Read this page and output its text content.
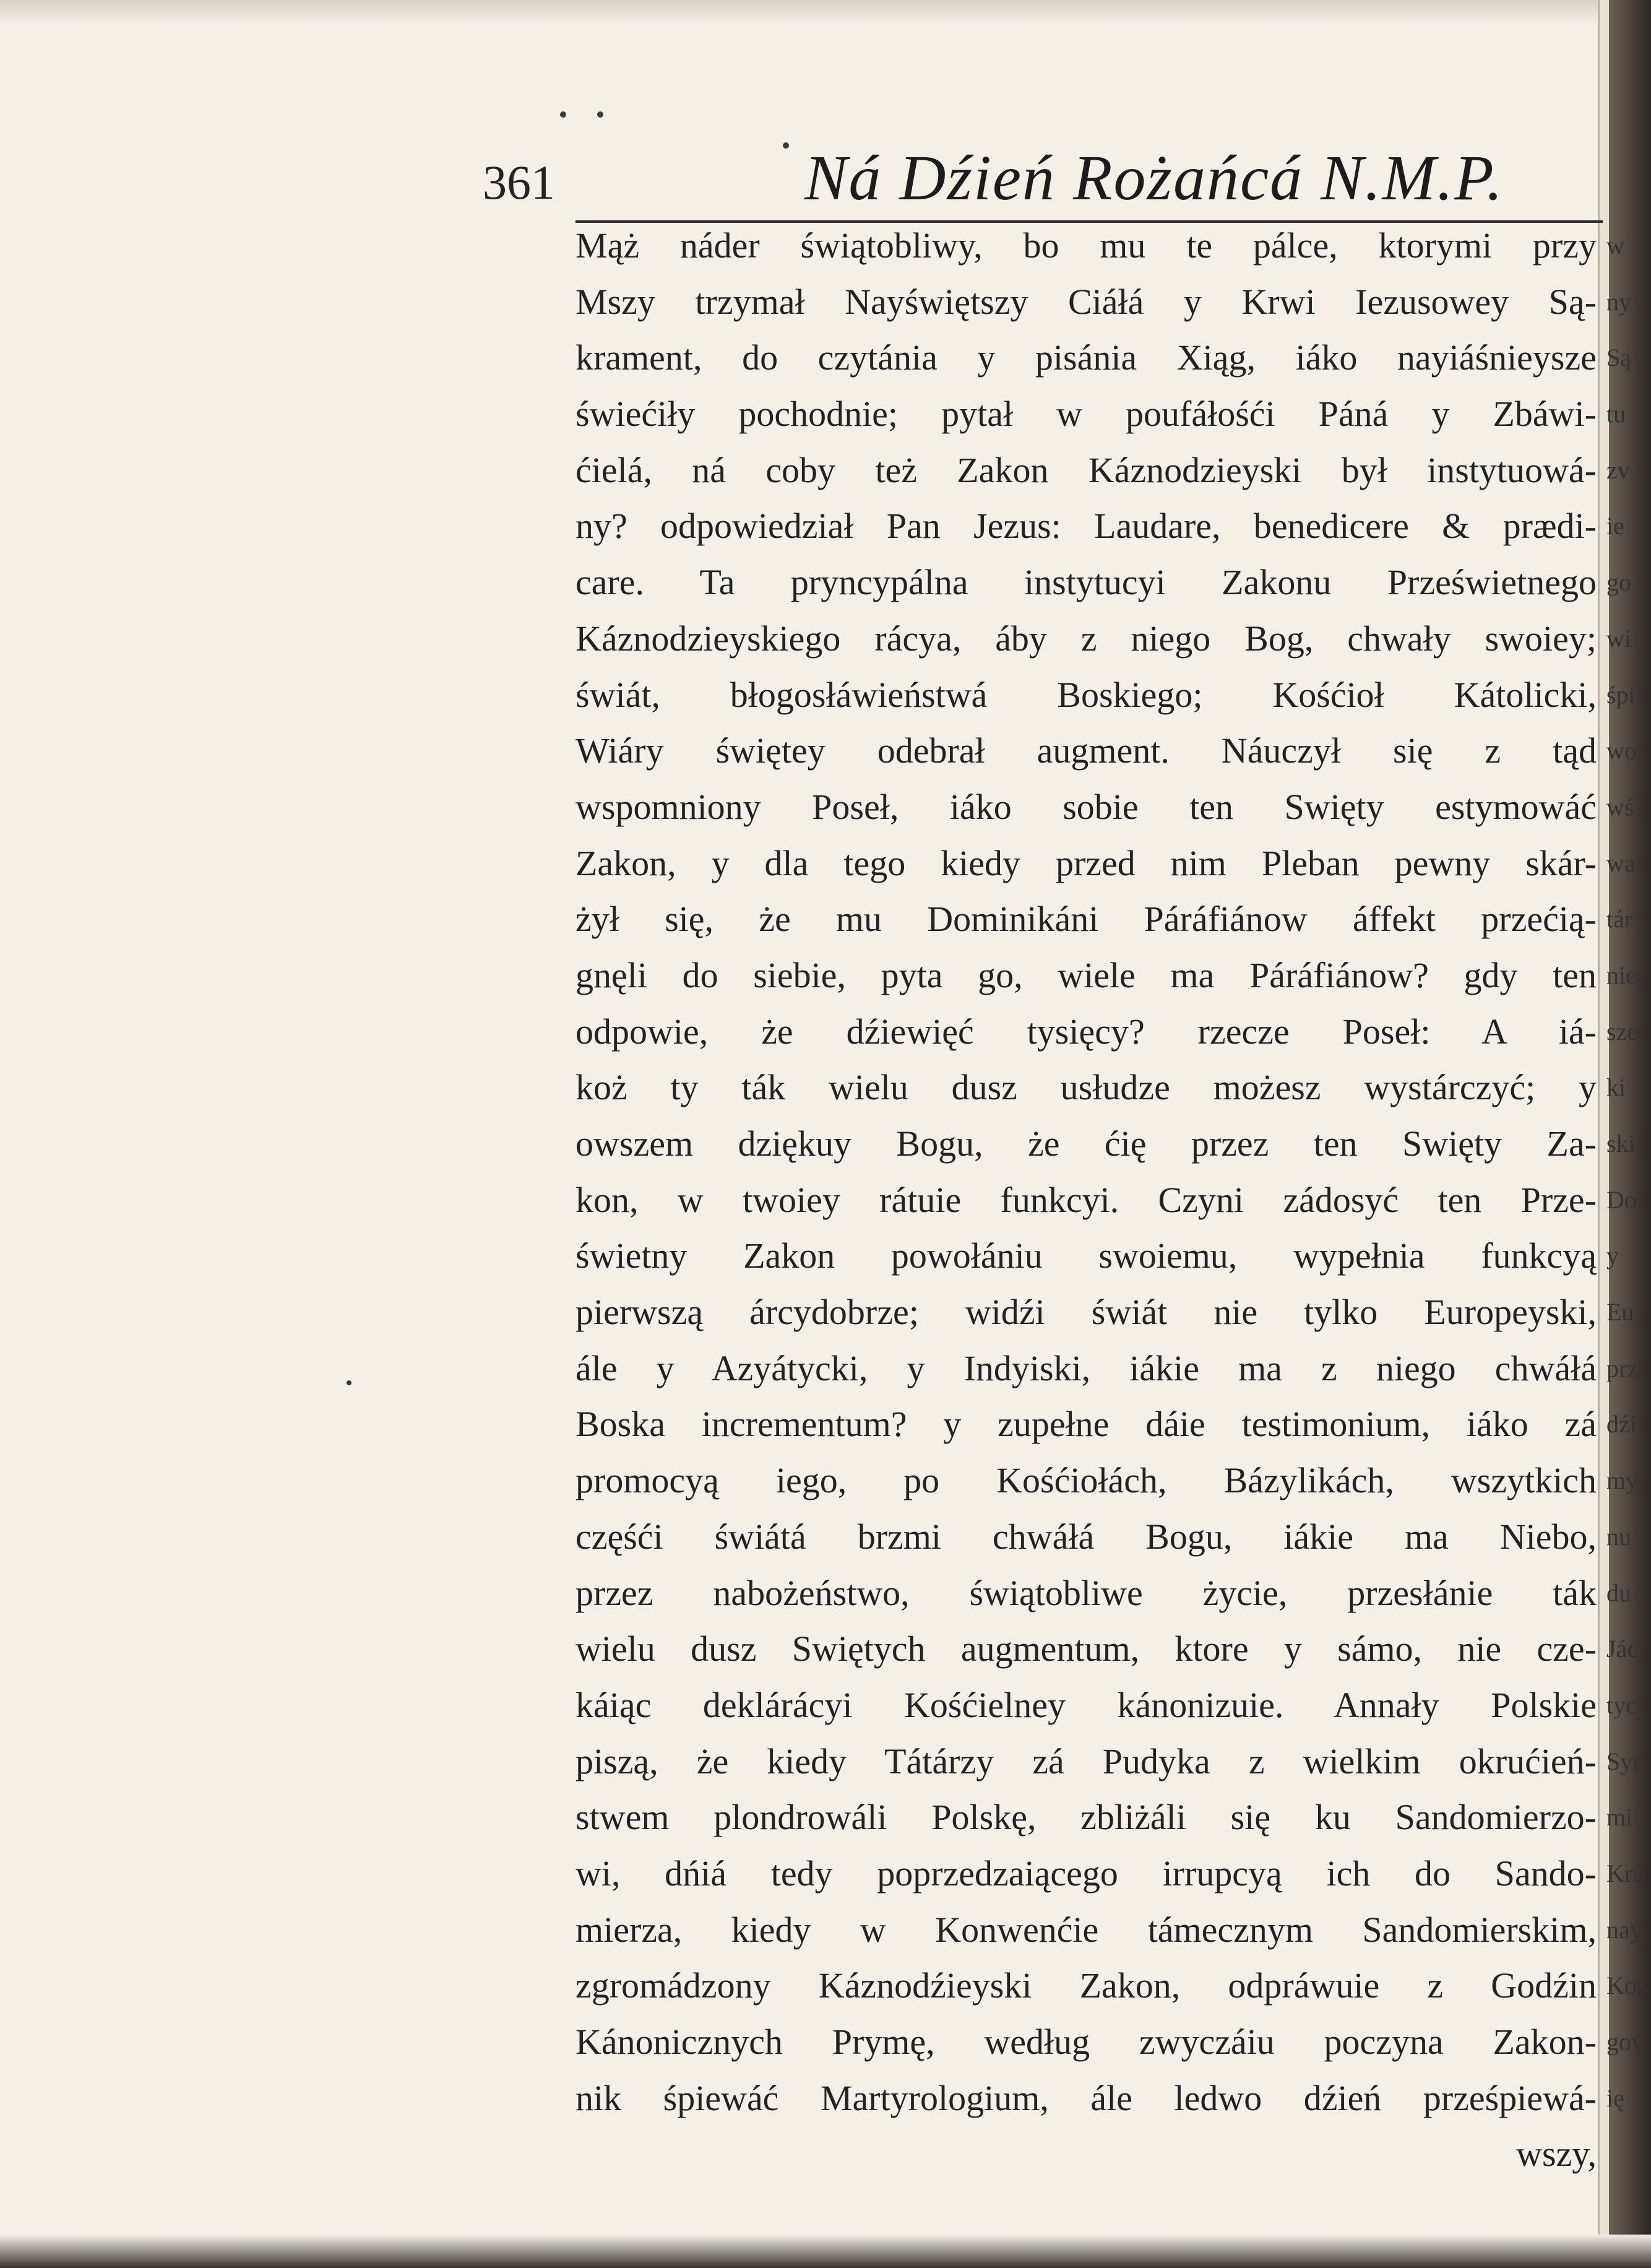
361	Ná Dźień Rożańcá N.M.P.
Mąż náder świątobliwy, bo mu te pálce, ktorymi przy
Mszy trzymał Nayświętszy Ciáłá y Krwi Iezusowey Są-
krament, do czytánia y pisánia Xiąg, iáko nayiáśnieysze
świećiły pochodnie; pytał w poufáłośći Páná y Zbáwi-
ćielá, ná coby też Zakon Káznodzieyski był instytuowá-
ny? odpowiedział Pan Jezus: Laudare, benedicere & prædi-
care. Ta pryncypálna instytucyi Zakonu Prześwietnego
Káznodzieyskiego rácya, áby z niego Bog, chwały swoiey;
świát, błogosłáwieństwá Boskiego; Kośćioł Kátolicki,
Wiáry świętey odebrał augment. Náuczył się z tąd
wspomniony Poseł, iáko sobie ten Swięty estymowáć
Zakon, y dla tego kiedy przed nim Pleban pewny skár-
żył się, że mu Dominikáni Páráfiánow áffekt przećią-
gnęli do siebie, pyta go, wiele ma Páráfiánow? gdy ten
odpowie, że dźiewięć tysięcy? rzecze Poseł: A iá-
koż ty ták wielu dusz usłudze możesz wystárczyć; y
owszem dziękuy Bogu, że ćię przez ten Swięty Za-
kon, w twoiey rátuie funkcyi. Czyni zádosyć ten Prze-
świetny Zakon powołániu swoiemu, wypełnia funkcyą
pierwszą árcydobrze; widźi świát nie tylko Europeyski,
ále y Azyátycki, y Indyiski, iákie ma z niego chwáłá
Boska incrementum? y zupełne dáie testimonium, iáko zá
promocyą iego, po Kośćiołách, Bázylikách, wszytkich
częśći świátá brzmi chwáłá Bogu, iákie ma Niebo,
przez nabożeństwo, świątobliwe życie, przesłánie ták
wielu dusz Swiętych augmentum, ktore y sámo, nie cze-
káiąc deklárácyi Kośćielney kánonizuie. Annały Polskie
piszą, że kiedy Tátárzy zá Pudyka z wielkim okrućień-
stwem plondrowáli Polskę, zbliżáli się ku Sandomierzo-
wi, dńiá tedy poprzedzaiącego irrupcyą ich do Sando-
mierza, kiedy w Konwenćie támecznym Sandomierskim,
zgromádzony Káznodźieyski Zakon, odpráwuie z Godźin
Kánonicznych Prymę, według zwyczáiu poczyna Zakon-
nik śpiewáć Martyrologium, ále ledwo dźień prześpiewá-
wszy,
w
ny
Są
tu
zv
ie
go
wi
śpi
wo
wś
wa
tár
nie
sze
ki
ski
Do
y
Eu
prz
dźi
my
nu
du
Jác
tyc
Syr
mi
Krá
nay
Kos
gow
ię
